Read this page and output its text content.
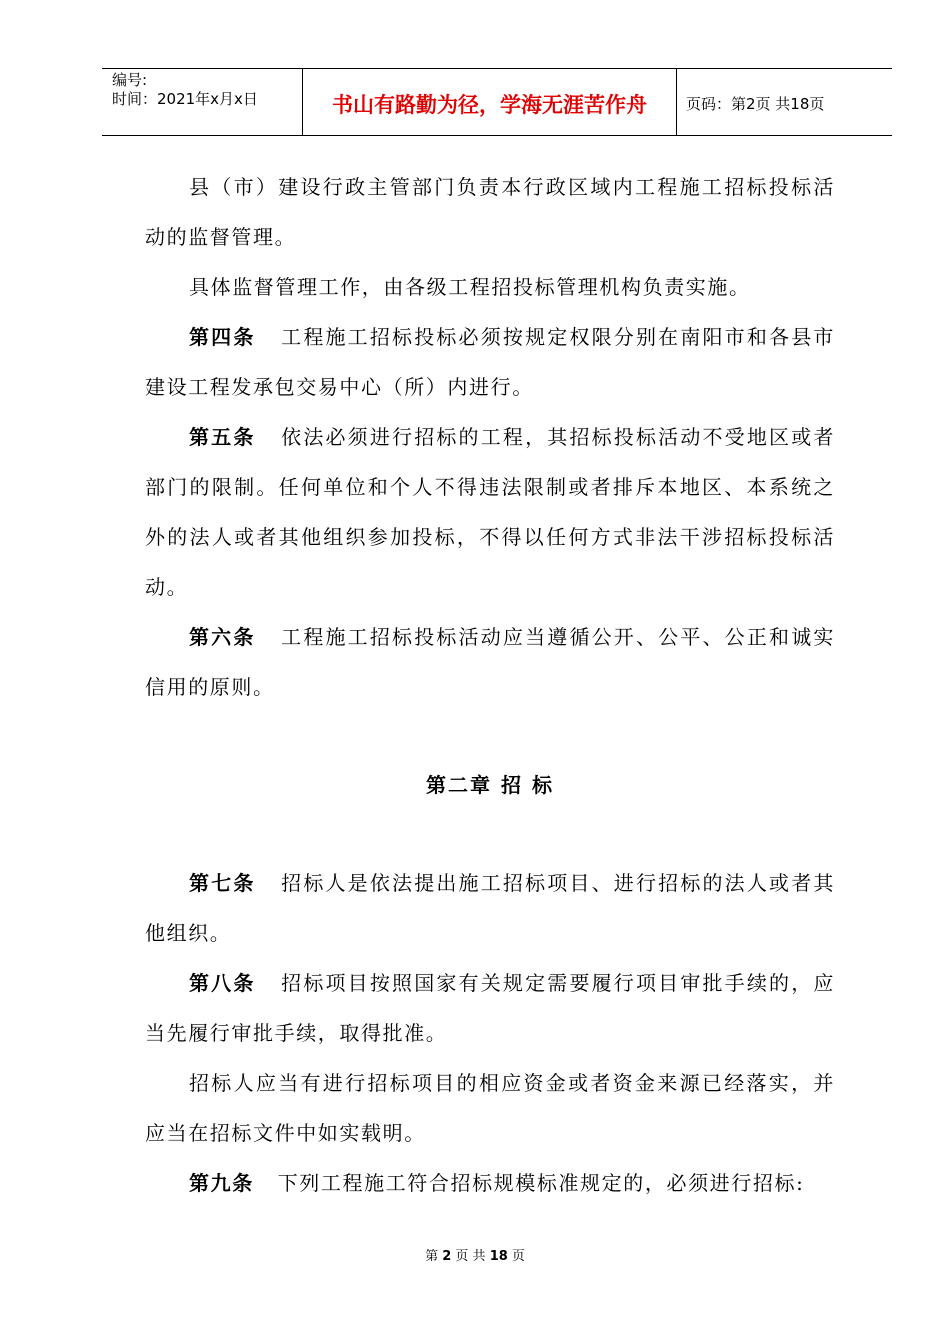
编号:
时间：2021年x月x日	书山有路勤为径，学海无涯苦作舟	页码：第2页 共18页

县（市）建设行政主管部门负责本行政区域内工程施工招标投标活动的监督管理。

具体监督管理工作，由各级工程招投标管理机构负责实施。

第四条 工程施工招标投标必须按规定权限分别在南阳市和各县市建设工程发承包交易中心（所）内进行。

第五条 依法必须进行招标的工程，其招标投标活动不受地区或者部门的限制。任何单位和个人不得违法限制或者排斥本地区、本系统之外的法人或者其他组织参加投标，不得以任何方式非法干涉招标投标活动。

第六条 工程施工招标投标活动应当遵循公开、公平、公正和诚实信用的原则。

第二章 招 标

第七条 招标人是依法提出施工招标项目、进行招标的法人或者其他组织。

第八条 招标项目按照国家有关规定需要履行项目审批手续的，应当先履行审批手续，取得批准。

招标人应当有进行招标项目的相应资金或者资金来源已经落实，并应当在招标文件中如实载明。

第九条 下列工程施工符合招标规模标准规定的，必须进行招标:

第 2 页 共 18 页
